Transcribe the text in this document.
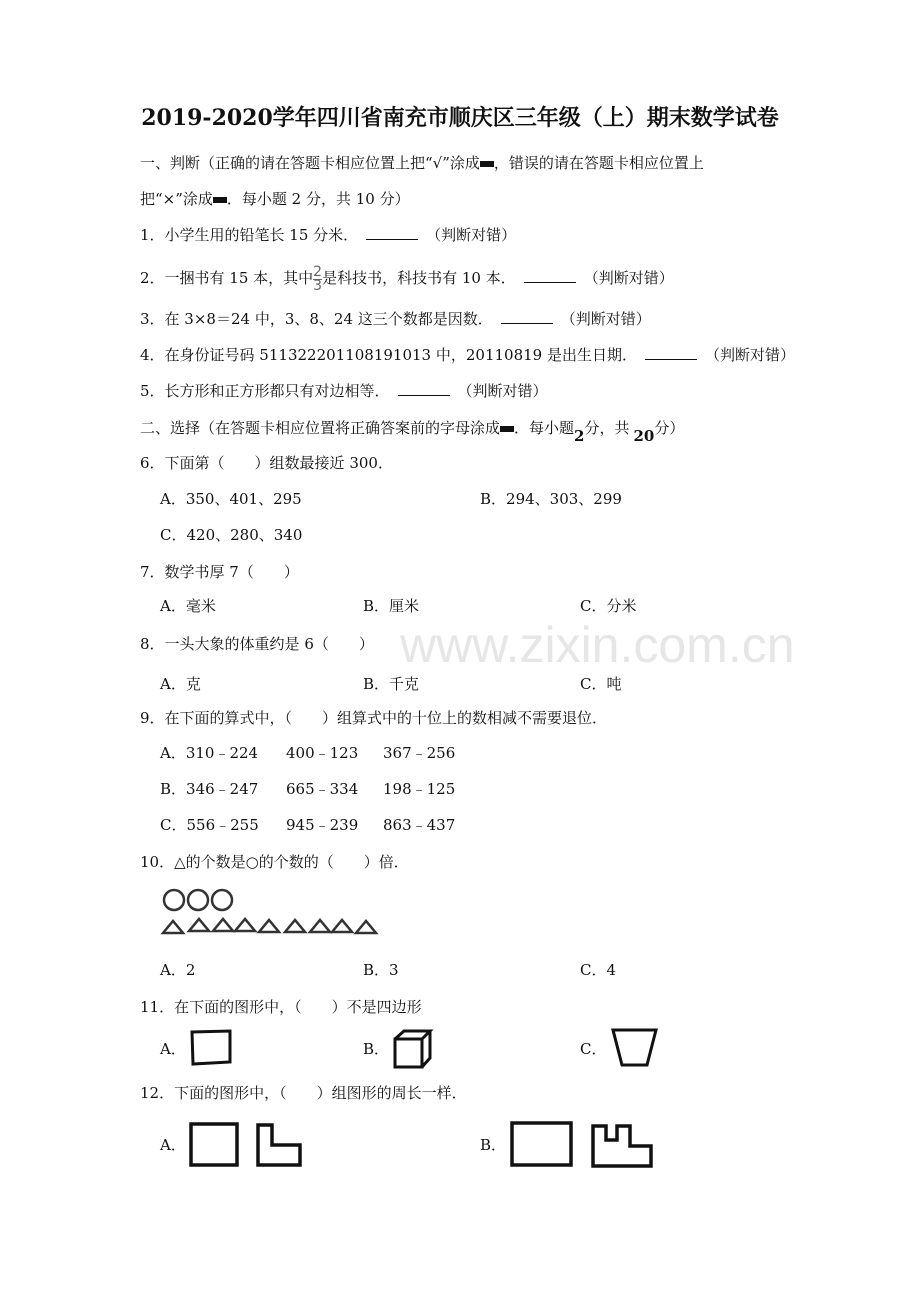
www.zixin.com.cn
2019-2020学年四川省南充市顺庆区三年级（上）期末数学试卷
一、判断（正确的请在答题卡相应位置上把“√”涂成 ，错误的请在答题卡相应位置上
把“×”涂成 ．每小题 2 分，共 10 分）
1．小学生用的铅笔长 15 分米．	（判断对错）
2．一捆书有 15 本，其中 $\frac{2}{3}$ 是科技书，科技书有 10 本．	（判断对错）
3．在 3×8＝24 中，3、8、24 这三个数都是因数．	（判断对错）
4．在身份证号码 511322201108191013 中，20110819 是出生日期．	（判断对错）
5．长方形和正方形都只有对边相等．	（判断对错）
二、选择（在答题卡相应位置将正确答案前的字母涂成 ．每小题2分，共 20分）
6．下面第（　　）组数最接近 300．
A．350、401、295	B．294、303、299
C．420、280、340
7．数学书厚 7（　　）
A．毫米	B．厘米	C．分米
8．一头大象的体重约是 6（　　）
A．克	B．千克	C．吨
9．在下面的算式中，（　　）组算式中的十位上的数相减不需要退位．
A．310﹣224 400﹣123 367﹣256
B．346﹣247 665﹣334 198﹣125
C．556﹣255 945﹣239 863﹣437
10．△的个数是○的个数的（　　）倍．
A．2	B．3	C．4
11．在下面的图形中，（　　）不是四边形
A．	B．	C．
12．下面的图形中，（　　）组图形的周长一样．
A．	B．
